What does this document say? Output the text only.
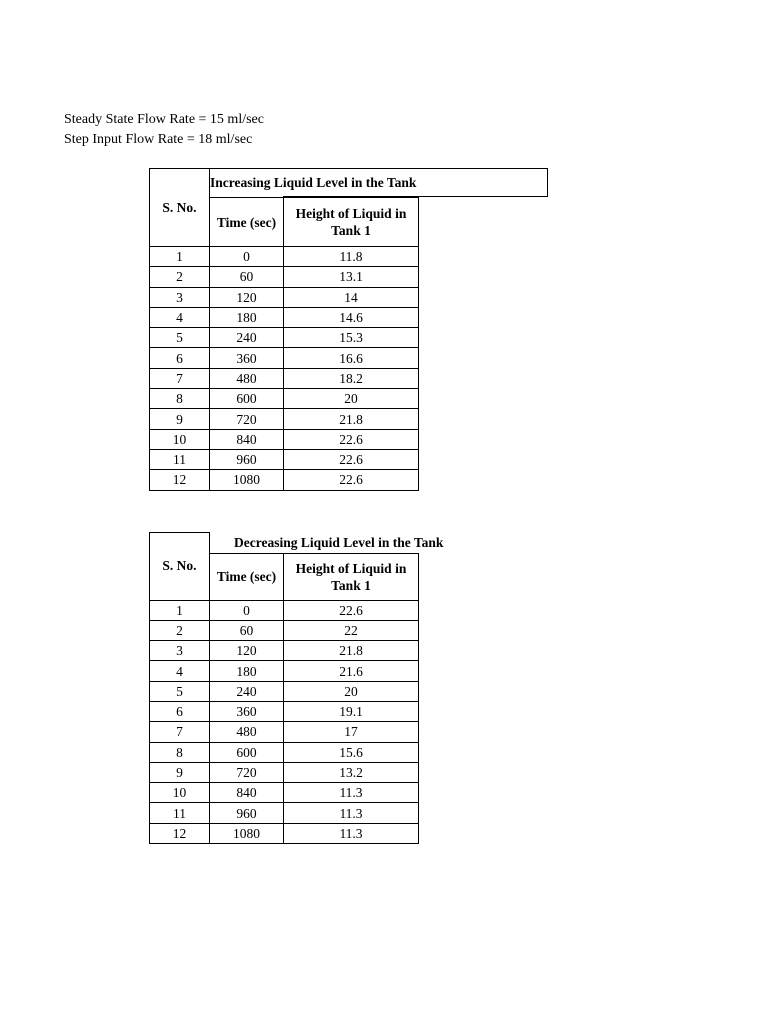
Steady State Flow Rate = 15 ml/sec
Step Input Flow Rate = 18 ml/sec
S. No.	Increasing Liquid Level in the Tank	
	Time (sec)	Height of Liquid in Tank 1
1	0	11.8
2	60	13.1
3	120	14
4	180	14.6
5	240	15.3
6	360	16.6
7	480	18.2
8	600	20
9	720	21.8
10	840	22.6
11	960	22.6
12	1080	22.6
S. No.	Decreasing Liquid Level in the Tank	
	Time (sec)	Height of Liquid in Tank 1
1	0	22.6
2	60	22
3	120	21.8
4	180	21.6
5	240	20
6	360	19.1
7	480	17
8	600	15.6
9	720	13.2
10	840	11.3
11	960	11.3
12	1080	11.3
